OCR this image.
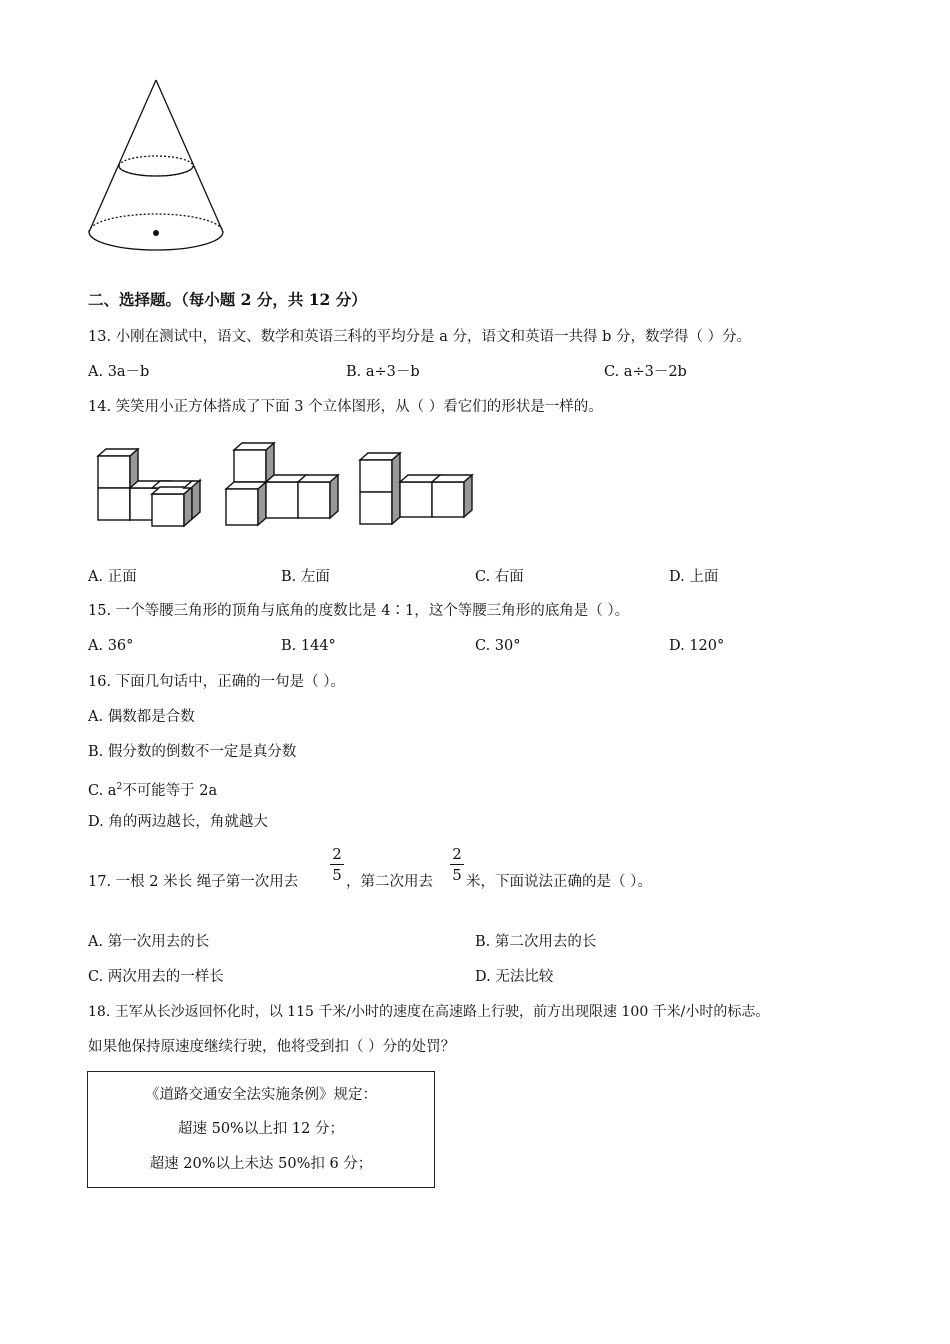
二、选择题。（每小题 2 分，共 12 分）
13. 小刚在测试中，语文、数学和英语三科的平均分是 a 分，语文和英语一共得 b 分，数学得（ ）分。
A. 3a－b	B. a÷3－b	C. a÷3－2b
14. 笑笑用小正方体搭成了下面 3 个立体图形，从（ ）看它们的形状是一样的。
A. 正面	B. 左面	C. 右面	D. 上面
15. 一个等腰三角形的顶角与底角的度数比是 4∶1，这个等腰三角形的底角是（ ）。
A. 36°	B. 144°	C. 30°	D. 120°
16. 下面几句话中，正确的一句是（ ）。
A. 偶数都是合数
B. 假分数的倒数不一定是真分数
C. $a^2$不可能等于 2a
D. 角的两边越长，角就越大
17. 一根 2 米长 绳子第一次用去
2
5 ，第二次用去
2
5 米，下面说法正确的是（ ）。
A. 第一次用去的长	B. 第二次用去的长
C. 两次用去的一样长	D. 无法比较
18. 王军从长沙返回怀化时，以 115 千米/小时的速度在高速路上行驶，前方出现限速 100 千米/小时的标志。
如果他保持原速度继续行驶，他将受到扣（ ）分的处罚？
《道路交通安全法实施条例》规定：
超速 50%以上扣 12 分；
超速 20%以上未达 50%扣 6 分；
